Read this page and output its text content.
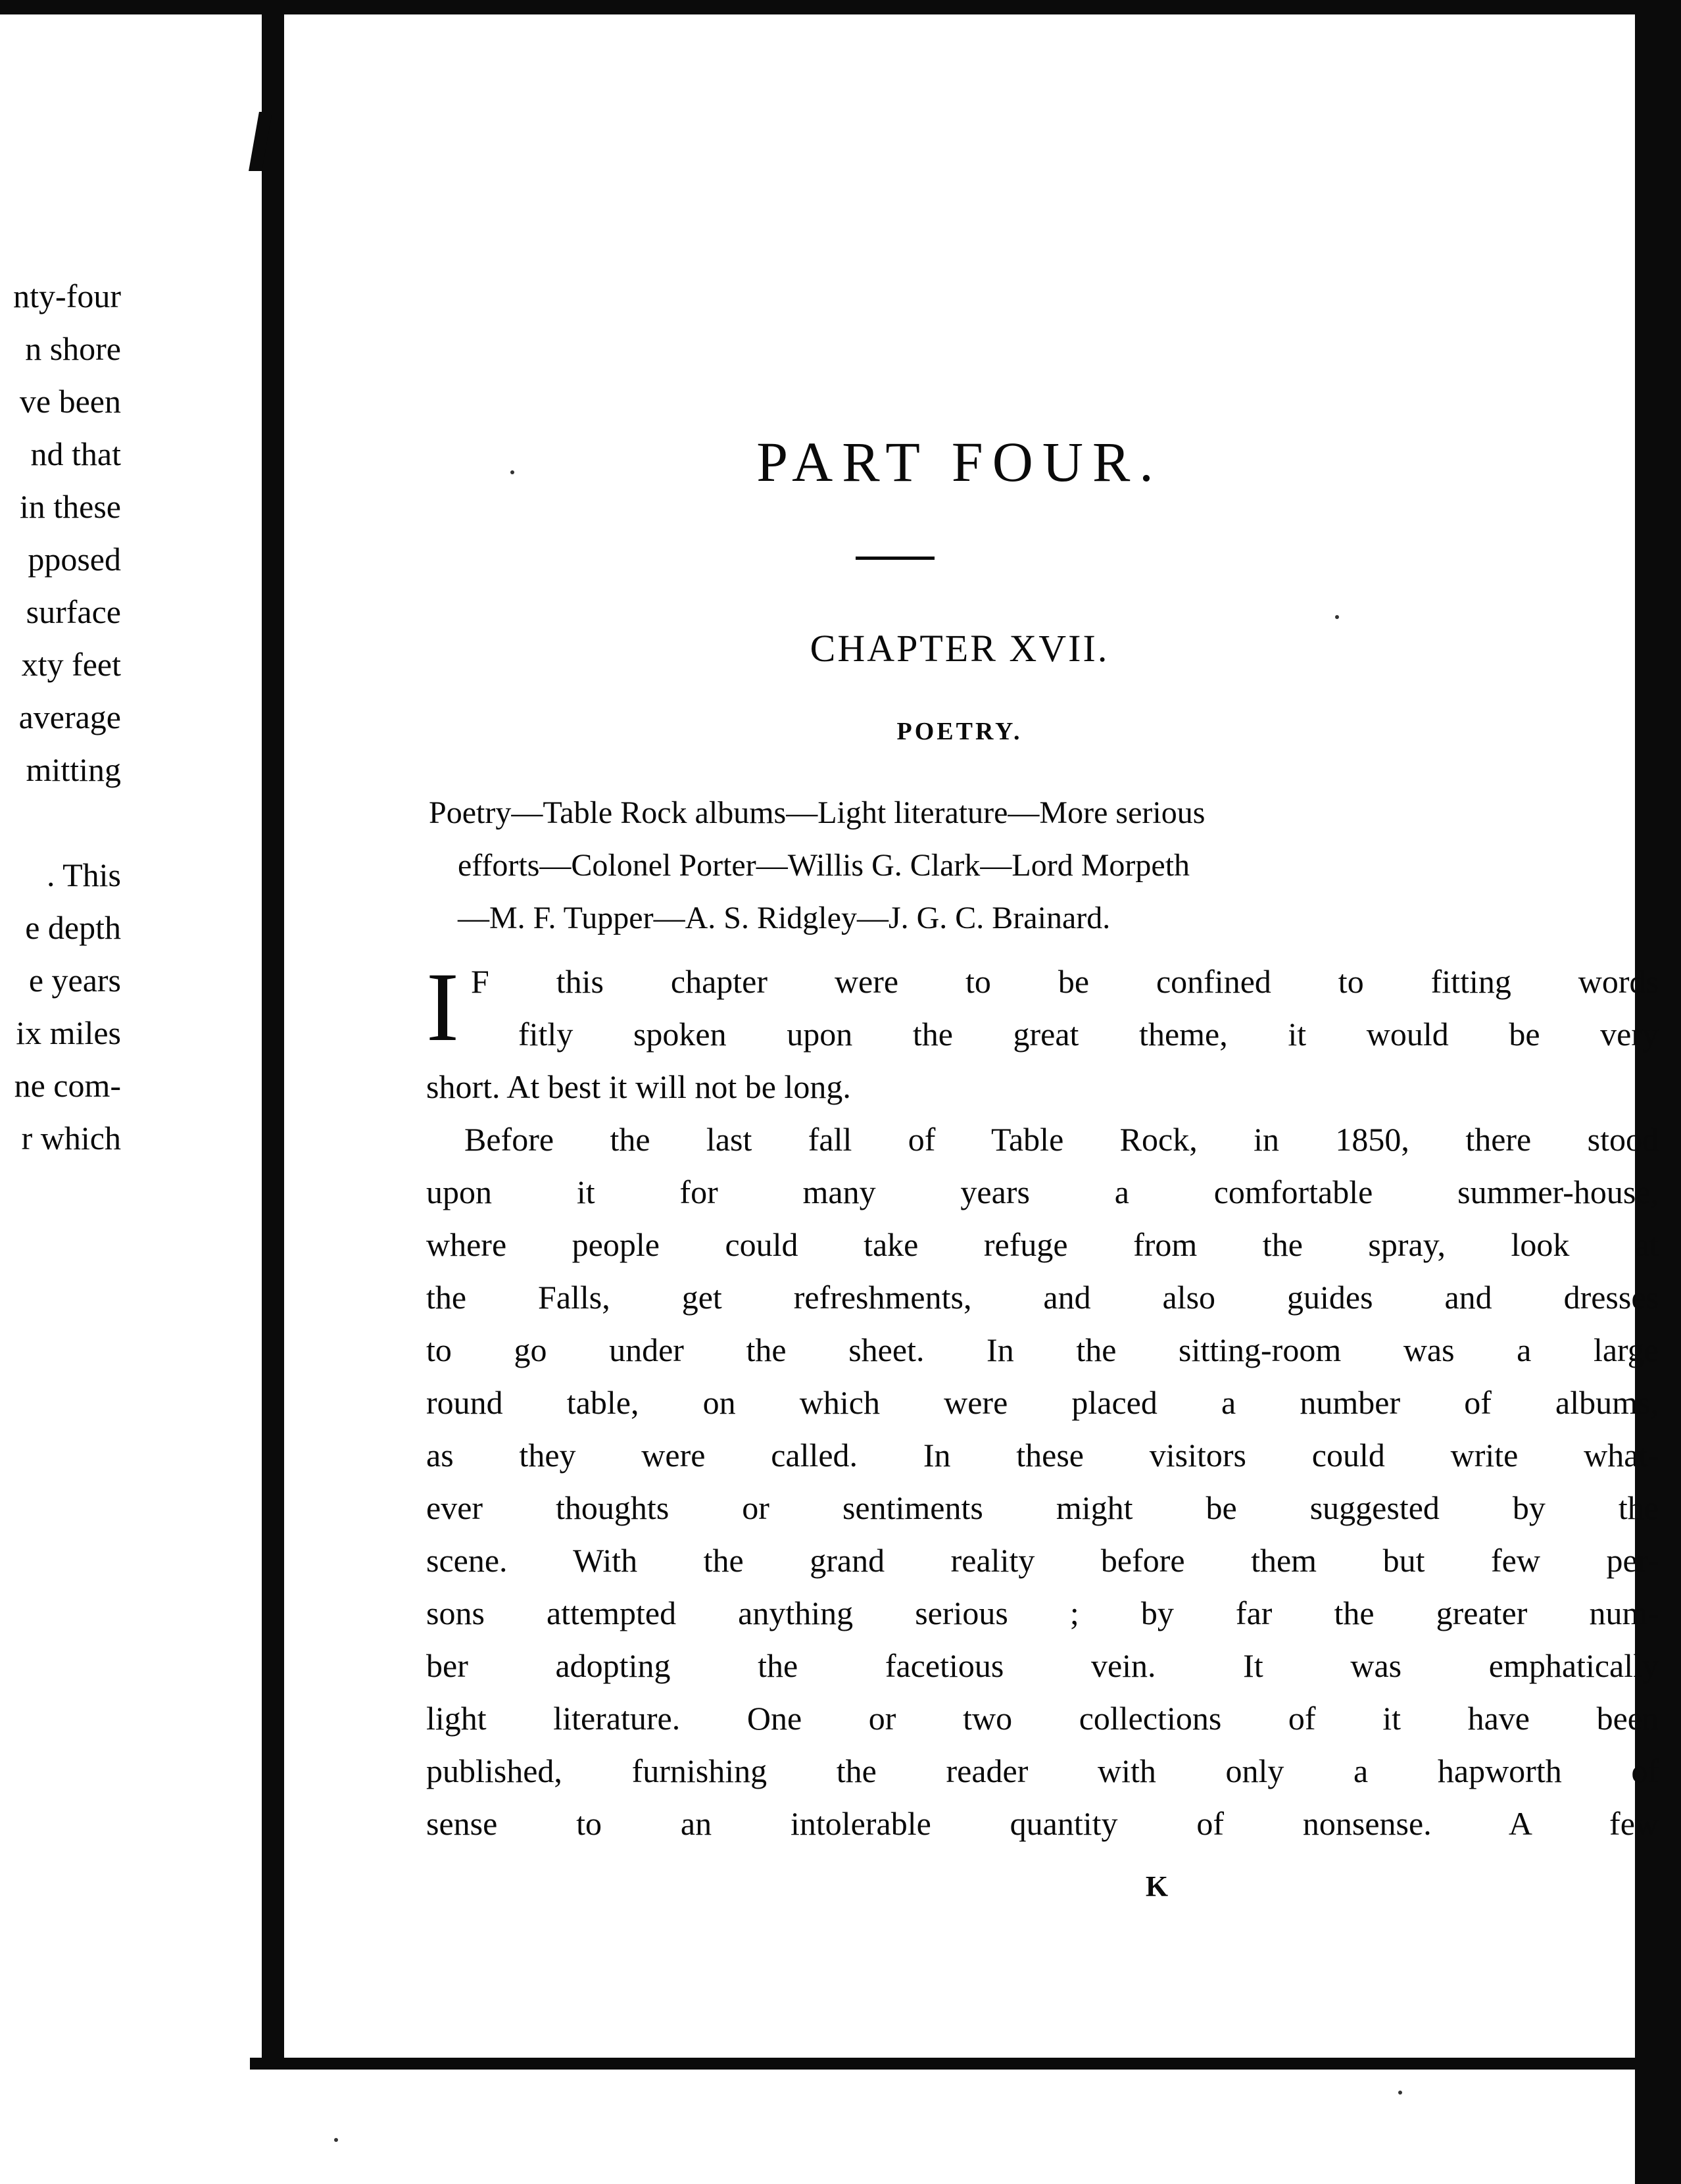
nty-four
n shore
ve been
nd that
in these
pposed
surface
xty feet
average
mitting
. This
e depth
e years
ix miles
ne com-
r which
PART FOUR.
CHAPTER XVII.
POETRY.
Poetry—Table Rock albums—Light literature—More serious
efforts—Colonel Porter—Willis G. Clark—Lord Morpeth
—M. F. Tupper—A. S. Ridgley—J. G. C. Brainard.
I F this chapter were to be confined to fitting words
fitly spoken upon the great theme, it would be very
short. At best it will not be long.
Before the last fall of Table Rock, in 1850, there stood
upon it for many years a comfortable summer-house,
where people could take refuge from the spray, look at
the Falls, get refreshments, and also guides and dresses
to go under the sheet. In the sitting-room was a large
round table, on which were placed a number of albums,
as they were called. In these visitors could write what-
ever thoughts or sentiments might be suggested by the
scene. With the grand reality before them but few per-
sons attempted anything serious ; by far the greater num-
ber adopting the facetious vein. It was emphatically
light literature. One or two collections of it have been
published, furnishing the reader with only a hapworth of
sense to an intolerable quantity of nonsense. A few
K
